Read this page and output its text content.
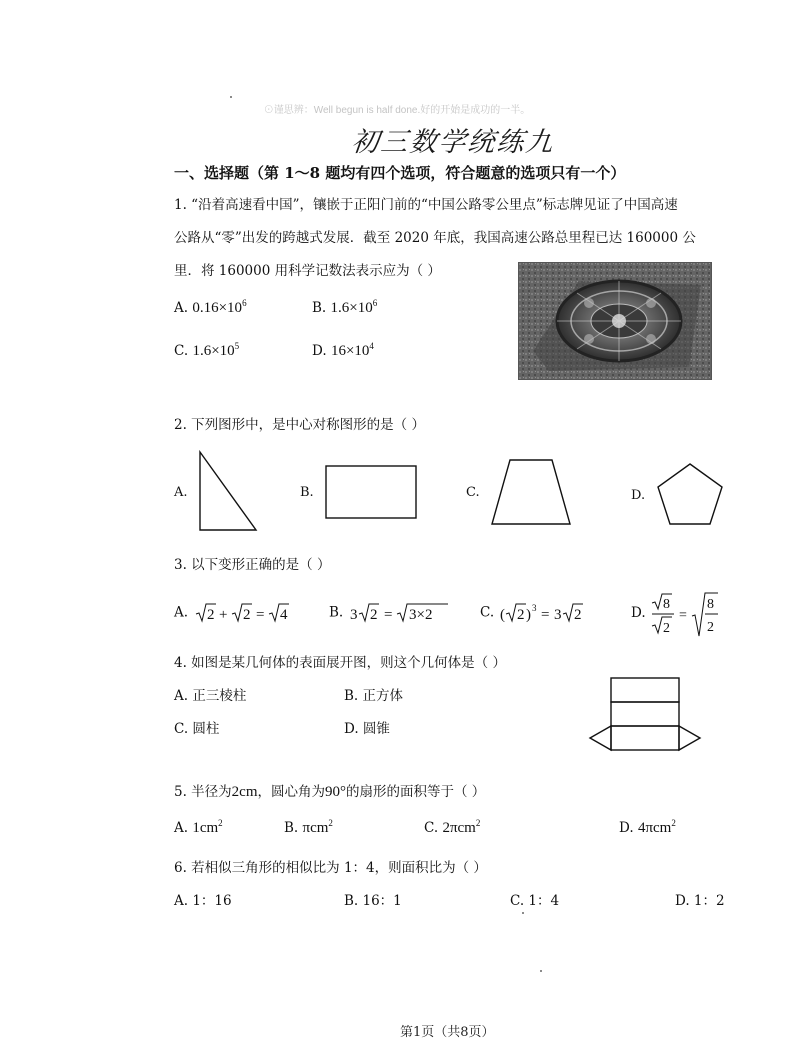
⊙谨思辨：Well begun is half done.好的开始是成功的一半。
初三数学统练九
一、选择题（第 1～8 题均有四个选项，符合题意的选项只有一个）
1. “沿着高速看中国”，镶嵌于正阳门前的“中国公路零公里点”标志牌见证了中国高速
公路从“零”出发的跨越式发展．截至 2020 年底，我国高速公路总里程已达 160000 公
里．将 160000 用科学记数法表示应为（ ）
A. $0.16\times 10^6$	B. $1.6\times 10^6$
C. $1.6\times 10^5$	D. $16\times 10^4$
2. 下列图形中，是中心对称图形的是（ ）
A.	B.	C.	D.
3. 以下变形正确的是（ ）
A. 2 + 2 = 4	B. 3 2 = 3×2	C. ( 2 ) 3 = 3 2	D. 8
2
=
8
2
4. 如图是某几何体的表面展开图，则这个几何体是（ ）
A. 正三棱柱	B. 正方体
C. 圆柱	D. 圆锥
5. 半径为2cm，圆心角为90°的扇形的面积等于（ ）
A. $1cm^2$	B. πcm$^2$	C. 2πcm$^2$	D. 4πcm$^2$
6. 若相似三角形的相似比为 1：4，则面积比为（ ）
A. 1：16	B. 16：1	C. 1：4	D. 1：2
第1页（共8页）
